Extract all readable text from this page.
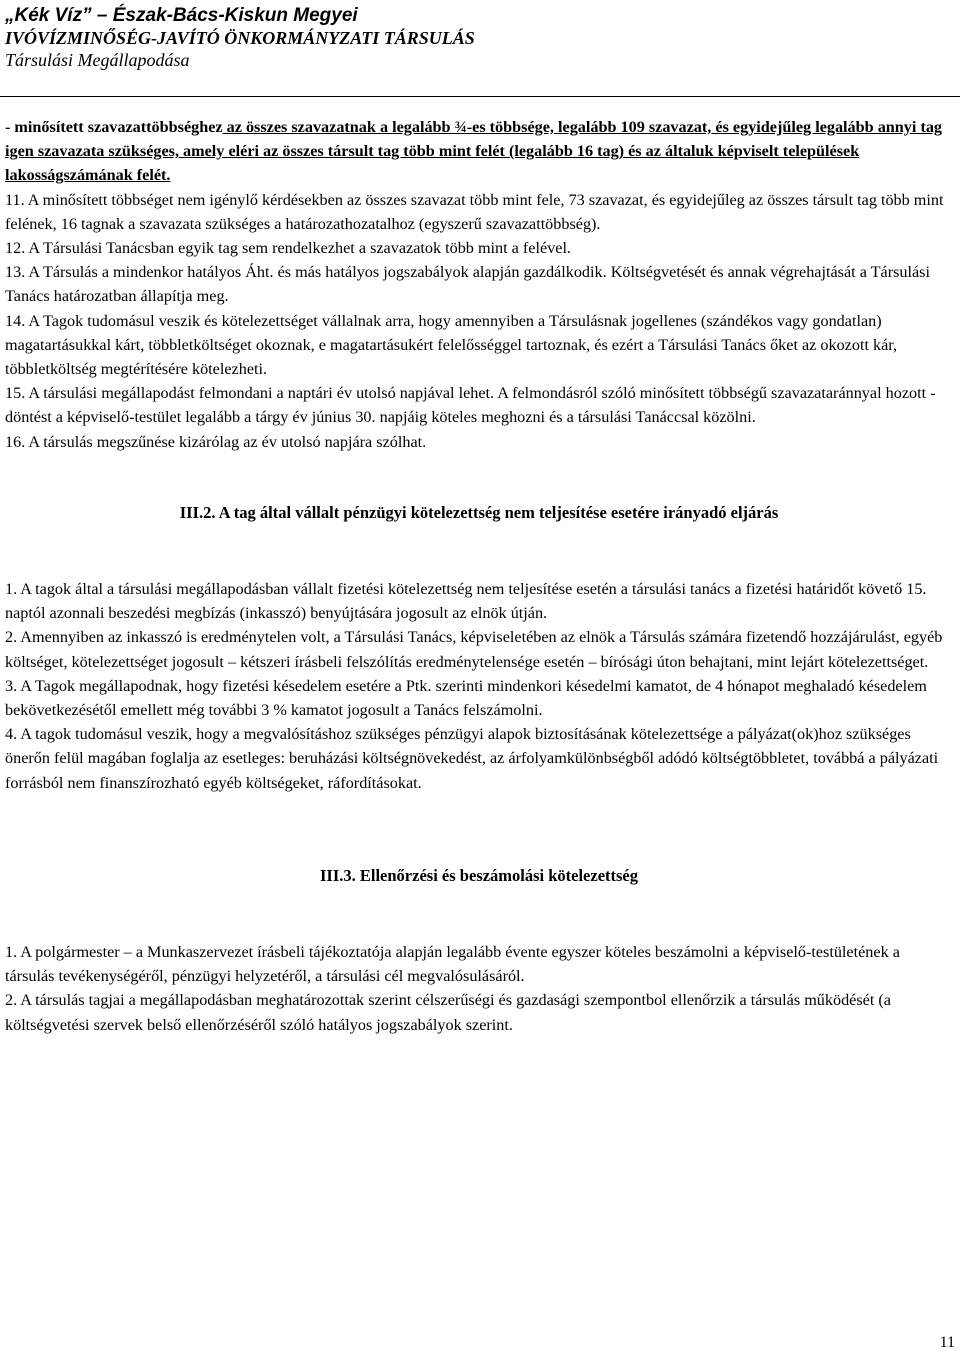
„Kék Víz” – Észak-Bács-Kiskun Megyei
IVÓVÍZMINŐSÉG-JAVÍTÓ ÖNKORMÁNYZATI TÁRSULÁS
Társulási Megállapodása

- minősített szavazattöbbséghez az összes szavazatnak a legalább ¾-es többsége, legalább 109 szavazat, és egyidejűleg legalább annyi tag igen szavazata szükséges, amely eléri az összes társult tag több mint felét (legalább 16 tag) és az általuk képviselt települések lakosságszámának felét.

11. A minősített többséget nem igénylő kérdésekben az összes szavazat több mint fele, 73 szavazat, és egyidejűleg az összes társult tag több mint felének, 16 tagnak a szavazata szükséges a határozathozatalhoz (egyszerű szavazattöbbség).

12. A Társulási Tanácsban egyik tag sem rendelkezhet a szavazatok több mint a felével.

13. A Társulás a mindenkor hatályos Áht. és más hatályos jogszabályok alapján gazdálkodik. Költségvetését és annak végrehajtását a Társulási Tanács határozatban állapítja meg.

14. A Tagok tudomásul veszik és kötelezettséget vállalnak arra, hogy amennyiben a Társulásnak jogellenes (szándékos vagy gondatlan) magatartásukkal kárt, többletköltséget okoznak, e magatartásukért felelősséggel tartoznak, és ezért a Társulási Tanács őket az okozott kár, többletköltség megtérítésére kötelezheti.

15. A társulási megállapodást felmondani a naptári év utolsó napjával lehet. A felmondásról szóló minősített többségű szavazataránnyal hozott - döntést a képviselő-testület legalább a tárgy év június 30. napjáig köteles meghozni és a társulási Tanáccsal közölni.

16. A társulás megszűnése kizárólag az év utolsó napjára szólhat.

III.2. A tag által vállalt pénzügyi kötelezettség nem teljesítése esetére irányadó eljárás

1. A tagok által a társulási megállapodásban vállalt fizetési kötelezettség nem teljesítése esetén a társulási tanács a fizetési határidőt követő 15. naptól azonnali beszedési megbízás (inkasszó) benyújtására jogosult az elnök útján.

2. Amennyiben az inkasszó is eredménytelen volt, a Társulási Tanács, képviseletében az elnök a Társulás számára fizetendő hozzájárulást, egyéb költséget, kötelezettséget jogosult – kétszeri írásbeli felszólítás eredménytelensége esetén – bírósági úton behajtani, mint lejárt kötelezettséget.

3. A Tagok megállapodnak, hogy fizetési késedelem esetére a Ptk. szerinti mindenkori késedelmi kamatot, de 4 hónapot meghaladó késedelem bekövetkezésétől emellett még további 3 % kamatot jogosult a Tanács felszámolni.

4. A tagok tudomásul veszik, hogy a megvalósításhoz szükséges pénzügyi alapok biztosításának kötelezettsége a pályázat(ok)hoz szükséges önerőn felül magában foglalja az esetleges: beruházási költségnövekedést, az árfolyamkülönbségből adódó költségtöbbletet, továbbá a pályázati forrásból nem finanszírozható egyéb költségeket, ráfordításokat.

III.3. Ellenőrzési és beszámolási kötelezettség

1. A polgármester – a Munkaszervezet írásbeli tájékoztatója alapján legalább évente egyszer köteles beszámolni a képviselő-testületének a társulás tevékenységéről, pénzügyi helyzetéről, a társulási cél megvalósulásáról.

2. A társulás tagjai a megállapodásban meghatározottak szerint célszerűségi és gazdasági szempontbol ellenőrzik a társulás működését (a költségvetési szervek belső ellenőrzéséről szóló hatályos jogszabályok szerint.

11
